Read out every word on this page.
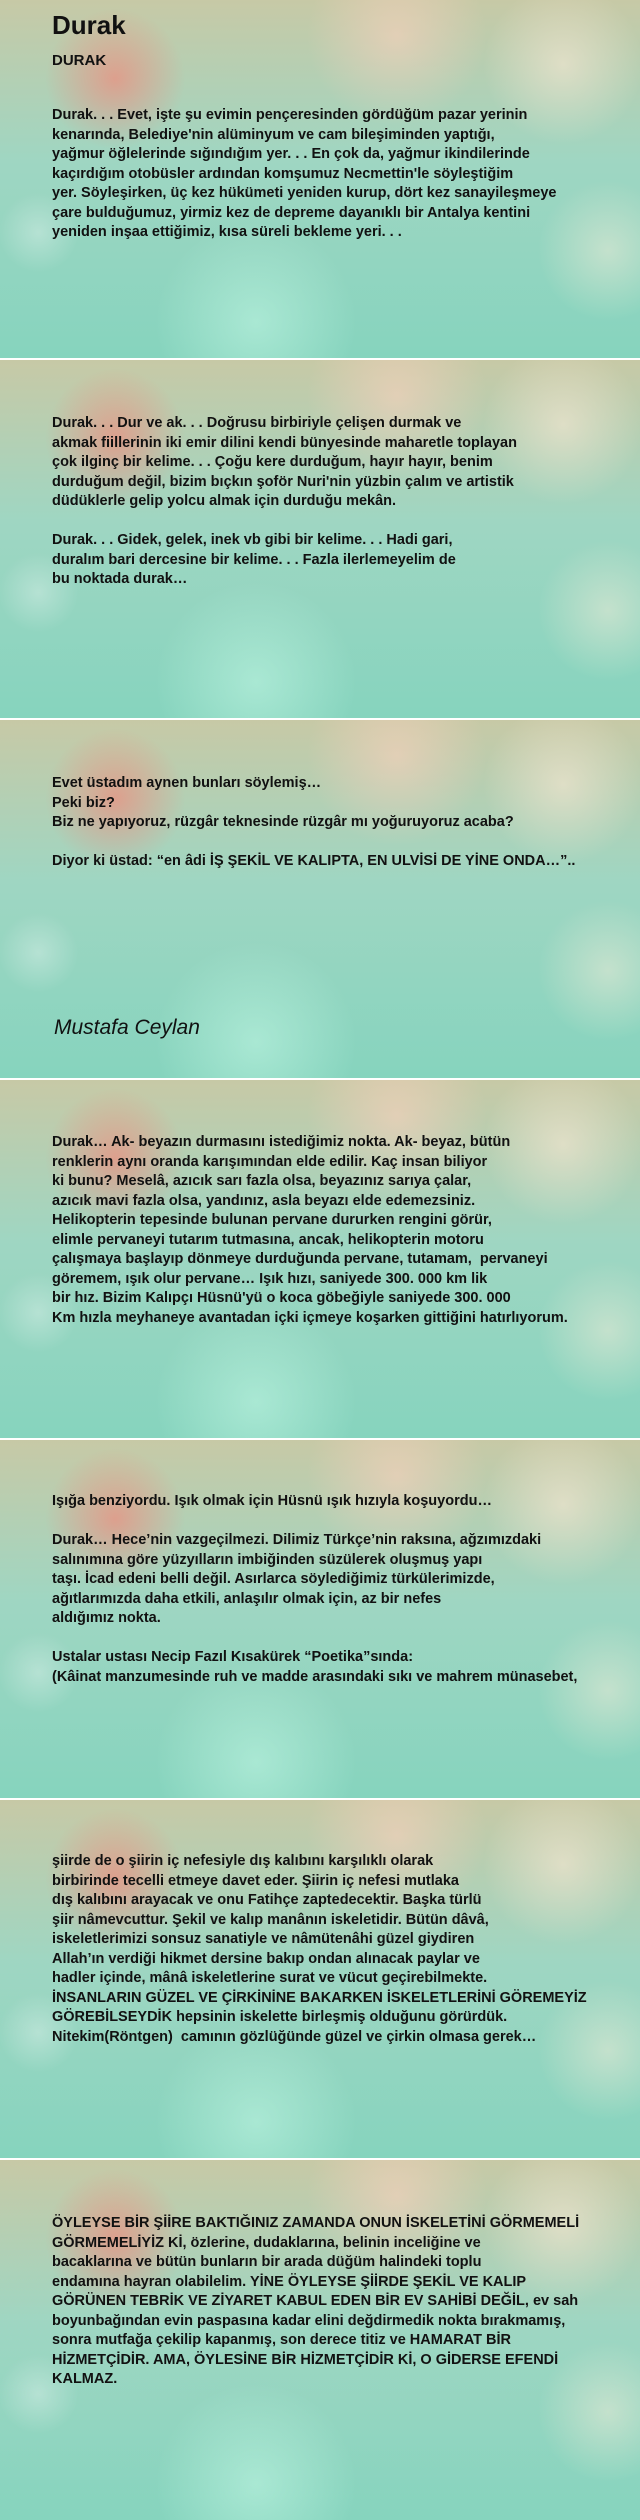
Durak
DURAK
Durak. . . Evet, işte şu evimin pençeresinden gördüğüm pazar yerinin
kenarında, Belediye'nin alüminyum ve cam bileşiminden yaptığı,
yağmur öğlelerinde sığındığım yer. . . En çok da, yağmur ikindilerinde
kaçırdığım otobüsler ardından komşumuz Necmettin'le söyleştiğim
yer. Söyleşirken, üç kez hükümeti yeniden kurup, dört kez sanayileşmeye
çare bulduğumuz, yirmiz kez de depreme dayanıklı bir Antalya kentini
yeniden inşaa ettiğimiz, kısa süreli bekleme yeri. . .
Durak. . . Dur ve ak. . . Doğrusu birbiriyle çelişen durmak ve
akmak fiillerinin iki emir dilini kendi bünyesinde maharetle toplayan
çok ilginç bir kelime. . . Çoğu kere durduğum, hayır hayır, benim
durduğum değil, bizim bıçkın şoför Nuri'nin yüzbin çalım ve artistik
düdüklerle gelip yolcu almak için durduğu mekân.

Durak. . . Gidek, gelek, inek vb gibi bir kelime. . . Hadi gari,
duralım bari dercesine bir kelime. . . Fazla ilerlemeyelim de
bu noktada durak…
Evet üstadım aynen bunları söylemiş…
Peki biz?
Biz ne yapıyoruz, rüzgâr teknesinde rüzgâr mı yoğuruyoruz acaba?

Diyor ki üstad: “en âdi İŞ ŞEKİL VE KALIPTA, EN ULVİSİ DE YİNE ONDA…”..
Mustafa Ceylan
Durak… Ak- beyazın durmasını istediğimiz nokta. Ak- beyaz, bütün
renklerin aynı oranda karışımından elde edilir. Kaç insan biliyor
ki bunu? Meselâ, azıcık sarı fazla olsa, beyazınız sarıya çalar,
azıcık mavi fazla olsa, yandınız, asla beyazı elde edemezsiniz.
Helikopterin tepesinde bulunan pervane dururken rengini görür,
elimle pervaneyi tutarım tutmasına, ancak, helikopterin motoru
çalışmaya başlayıp dönmeye durduğunda pervane, tutamam,  pervaneyi
göremem, ışık olur pervane… Işık hızı, saniyede 300. 000 km lik
bir hız. Bizim Kalıpçı Hüsnü'yü o koca göbeğiyle saniyede 300. 000
Km hızla meyhaneye avantadan içki içmeye koşarken gittiğini hatırlıyorum.
Işığa benziyordu. Işık olmak için Hüsnü ışık hızıyla koşuyordu…

Durak… Hece’nin vazgeçilmezi. Dilimiz Türkçe’nin raksına, ağzımızdaki
salınımına göre yüzyılların imbiğinden süzülerek oluşmuş yapı
taşı. İcad edeni belli değil. Asırlarca söylediğimiz türkülerimizde,
ağıtlarımızda daha etkili, anlaşılır olmak için, az bir nefes
aldığımız nokta.

Ustalar ustası Necip Fazıl Kısakürek “Poetika”sında:
(Kâinat manzumesinde ruh ve madde arasındaki sıkı ve mahrem münasebet,
şiirde de o şiirin iç nefesiyle dış kalıbını karşılıklı olarak
birbirinde tecelli etmeye davet eder. Şiirin iç nefesi mutlaka
dış kalıbını arayacak ve onu Fatihçe zaptedecektir. Başka türlü
şiir nâmevcuttur. Şekil ve kalıp manânın iskeletidir. Bütün dâvâ,
iskeletlerimizi sonsuz sanatiyle ve nâmütenâhi güzel giydiren
Allah’ın verdiği hikmet dersine bakıp ondan alınacak paylar ve
hadler içinde, mânâ iskeletlerine surat ve vücut geçirebilmekte.
İNSANLARIN GÜZEL VE ÇİRKİNİNE BAKARKEN İSKELETLERİNİ GÖREMEYİZ
GÖREBİLSEYDİK hepsinin iskelette birleşmiş olduğunu görürdük.
Nitekim(Röntgen)  camının gözlüğünde güzel ve çirkin olmasa gerek…
ÖYLEYSE BİR ŞİİRE BAKTIĞINIZ ZAMANDA ONUN İSKELETİNİ GÖRMEMELİ
GÖRMEMELİYİZ Kİ, özlerine, dudaklarına, belinin inceliğine ve
bacaklarına ve bütün bunların bir arada düğüm halindeki toplu
endamına hayran olabilelim. YİNE ÖYLEYSE ŞİİRDE ŞEKİL VE KALIP
GÖRÜNEN TEBRİK VE ZİYARET KABUL EDEN BİR EV SAHİBİ DEĞİL, ev sah
boyunbağından evin paspasına kadar elini değdirmedik nokta bırakmamış,
sonra mutfağa çekilip kapanmış, son derece titiz ve HAMARAT BİR
HİZMETÇİDİR. AMA, ÖYLESİNE BİR HİZMETÇİDİR Kİ, O GİDERSE EFENDİ
KALMAZ.
